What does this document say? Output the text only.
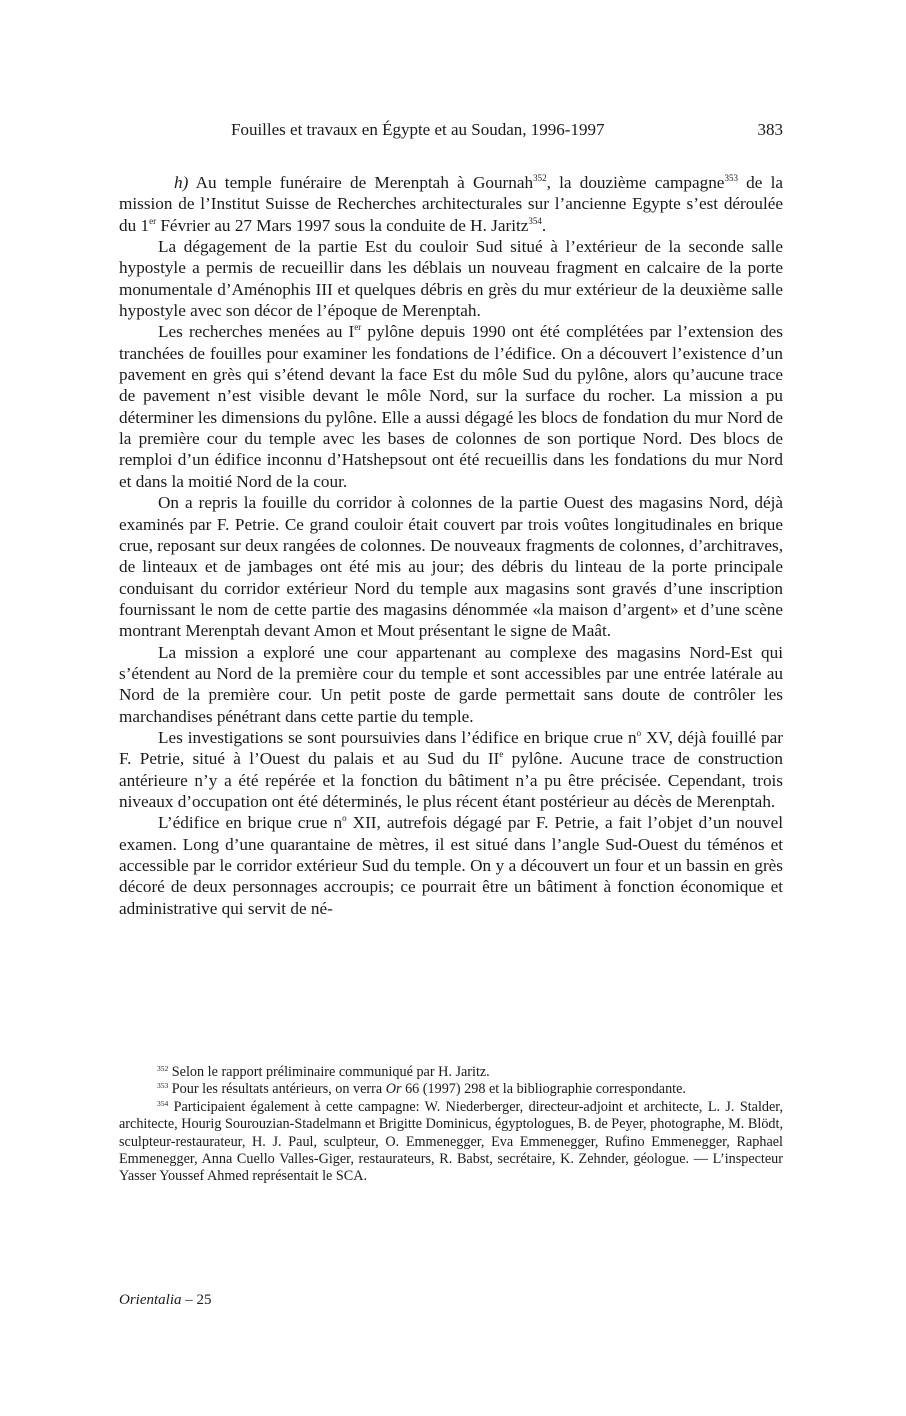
Fouilles et travaux en Égypte et au Soudan, 1996-1997	383

h) Au temple funéraire de Merenptah à Gournah$^{352}$, la douzième campagne$^{353}$ de la mission de l’Institut Suisse de Recherches architecturales sur l’ancienne Egypte s’est déroulée du 1er Février au 27 Mars 1997 sous la conduite de H. Jaritz$^{354}$.

La dégagement de la partie Est du couloir Sud situé à l’extérieur de la seconde salle hypostyle a permis de recueillir dans les déblais un nouveau fragment en calcaire de la porte monumentale d’Aménophis III et quelques débris en grès du mur extérieur de la deuxième salle hypostyle avec son décor de l’époque de Merenptah.

Les recherches menées au Ier pylône depuis 1990 ont été complétées par l’extension des tranchées de fouilles pour examiner les fondations de l’édifice. On a découvert l’existence d’un pavement en grès qui s’étend devant la face Est du môle Sud du pylône, alors qu’aucune trace de pavement n’est visible devant le môle Nord, sur la surface du rocher. La mission a pu déterminer les dimensions du pylône. Elle a aussi dégagé les blocs de fondation du mur Nord de la première cour du temple avec les bases de colonnes de son portique Nord. Des blocs de remploi d’un édifice inconnu d’Hatshepsout ont été recueillis dans les fondations du mur Nord et dans la moitié Nord de la cour.

On a repris la fouille du corridor à colonnes de la partie Ouest des magasins Nord, déjà examinés par F. Petrie. Ce grand couloir était couvert par trois voûtes longitudinales en brique crue, reposant sur deux rangées de colonnes. De nouveaux fragments de colonnes, d’architraves, de linteaux et de jambages ont été mis au jour; des débris du linteau de la porte principale conduisant du corridor extérieur Nord du temple aux magasins sont gravés d’une inscription fournissant le nom de cette partie des magasins dénommée «la maison d’argent» et d’une scène montrant Merenptah devant Amon et Mout présentant le signe de Maât.

La mission a exploré une cour appartenant au complexe des magasins Nord-Est qui s’étendent au Nord de la première cour du temple et sont accessibles par une entrée latérale au Nord de la première cour. Un petit poste de garde permettait sans doute de contrôler les marchandises pénétrant dans cette partie du temple.

Les investigations se sont poursuivies dans l’édifice en brique crue $n^o$ XV, déjà fouillé par F. Petrie, situé à l’Ouest du palais et au Sud du IIe pylône. Aucune trace de construction antérieure n’y a été repérée et la fonction du bâtiment n’a pu être précisée. Cependant, trois niveaux d’occupation ont été déterminés, le plus récent étant postérieur au décès de Merenptah.

L’édifice en brique crue $n^o$ XII, autrefois dégagé par F. Petrie, a fait l’objet d’un nouvel examen. Long d’une quarantaine de mètres, il est situé dans l’angle Sud-Ouest du téménos et accessible par le corridor extérieur Sud du temple. On y a découvert un four et un bassin en grès décoré de deux personnages accroupis; ce pourrait être un bâtiment à fonction économique et administrative qui servit de né-

$^{352}$ Selon le rapport préliminaire communiqué par H. Jaritz.

$^{353}$ Pour les résultats antérieurs, on verra Or 66 (1997) 298 et la bibliographie correspondante.

$^{354}$ Participaient également à cette campagne: W. Niederberger, directeur-adjoint et architecte, L. J. Stalder, architecte, Hourig Sourouzian-Stadelmann et Brigitte Dominicus, égyptologues, B. de Peyer, photographe, M. Blödt, sculpteur-restaurateur, H. J. Paul, sculpteur, O. Emmenegger, Eva Emmenegger, Rufino Emmenegger, Raphael Emmenegger, Anna Cuello Valles-Giger, restaurateurs, R. Babst, secrétaire, K. Zehnder, géologue. — L’inspecteur Yasser Youssef Ahmed représentait le SCA.

Orientalia – 25
